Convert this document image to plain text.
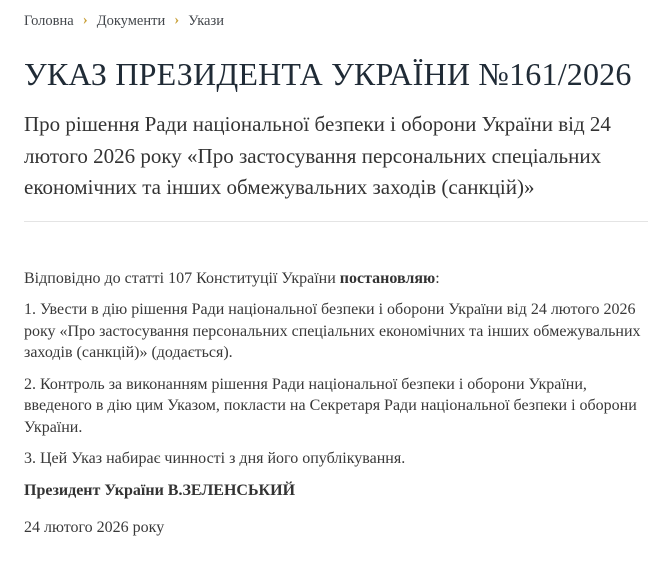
Головна › Документи › Укази
УКАЗ ПРЕЗИДЕНТА УКРАЇНИ №161/2026
Про рішення Ради національної безпеки і оборони України від 24 лютого 2026 року «Про застосування персональних спеціальних економічних та інших обмежувальних заходів (санкцій)»

Відповідно до статті 107 Конституції України постановляю:

1. Увести в дію рішення Ради національної безпеки і оборони України від 24 лютого 2026 року «Про застосування персональних спеціальних економічних та інших обмежувальних заходів (санкцій)» (додається).

2. Контроль за виконанням рішення Ради національної безпеки і оборони України, введеного в дію цим Указом, покласти на Секретаря Ради національної безпеки і оборони України.

3. Цей Указ набирає чинності з дня його опублікування.

Президент України В.ЗЕЛЕНСЬКИЙ

24 лютого 2026 року
